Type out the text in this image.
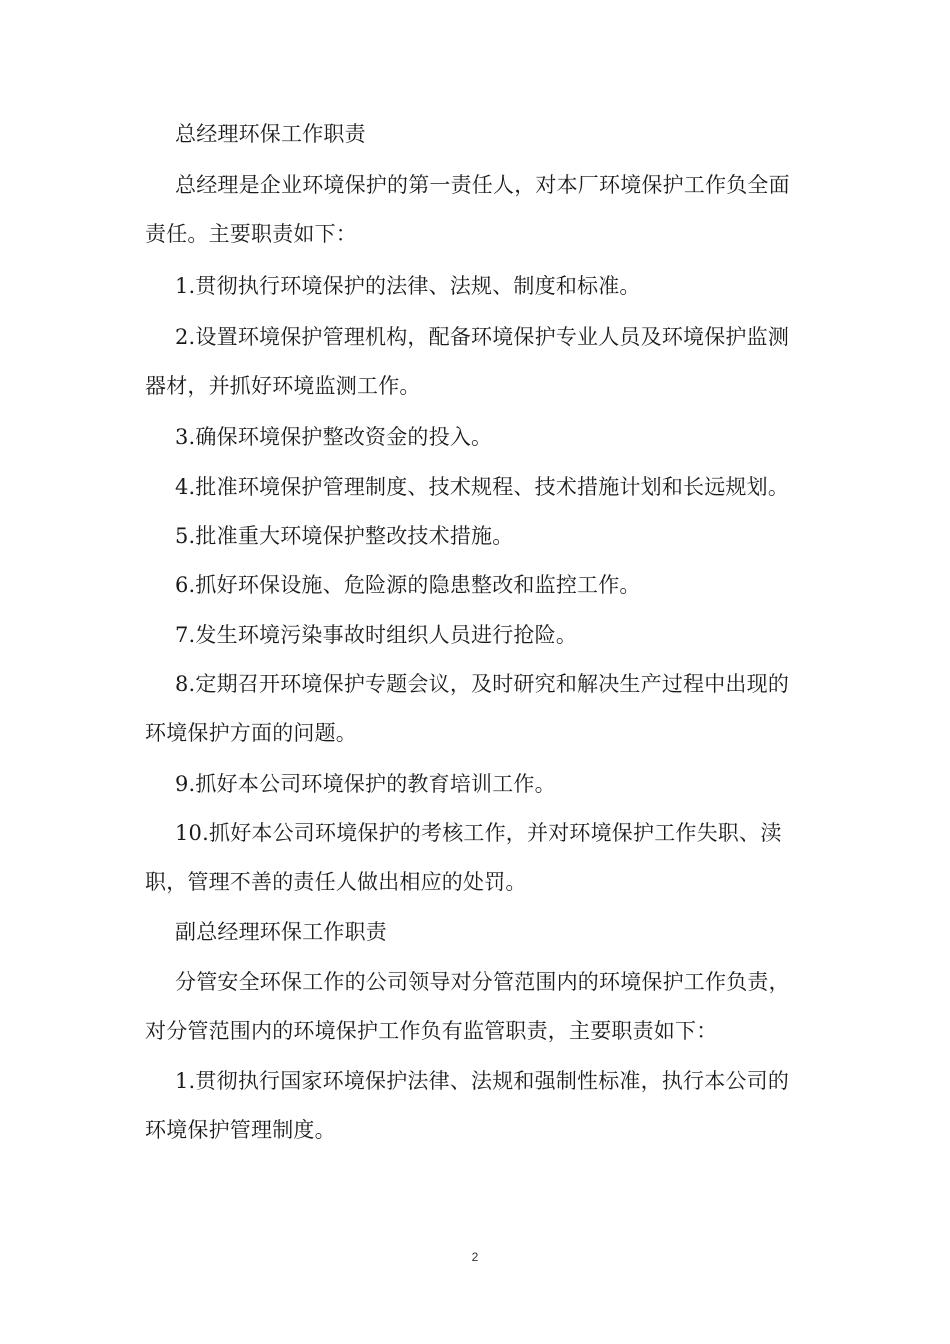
总经理环保工作职责

总经理是企业环境保护的第一责任人，对本厂环境保护工作负全面责任。主要职责如下：

1.贯彻执行环境保护的法律、法规、制度和标准。

2.设置环境保护管理机构，配备环境保护专业人员及环境保护监测器材，并抓好环境监测工作。

3.确保环境保护整改资金的投入。

4.批准环境保护管理制度、技术规程、技术措施计划和长远规划。

5.批准重大环境保护整改技术措施。

6.抓好环保设施、危险源的隐患整改和监控工作。

7.发生环境污染事故时组织人员进行抢险。

8.定期召开环境保护专题会议，及时研究和解决生产过程中出现的环境保护方面的问题。

9.抓好本公司环境保护的教育培训工作。

10.抓好本公司环境保护的考核工作，并对环境保护工作失职、渎职，管理不善的责任人做出相应的处罚。

副总经理环保工作职责

分管安全环保工作的公司领导对分管范围内的环境保护工作负责，对分管范围内的环境保护工作负有监管职责，主要职责如下：

1.贯彻执行国家环境保护法律、法规和强制性标准，执行本公司的环境保护管理制度。

2
